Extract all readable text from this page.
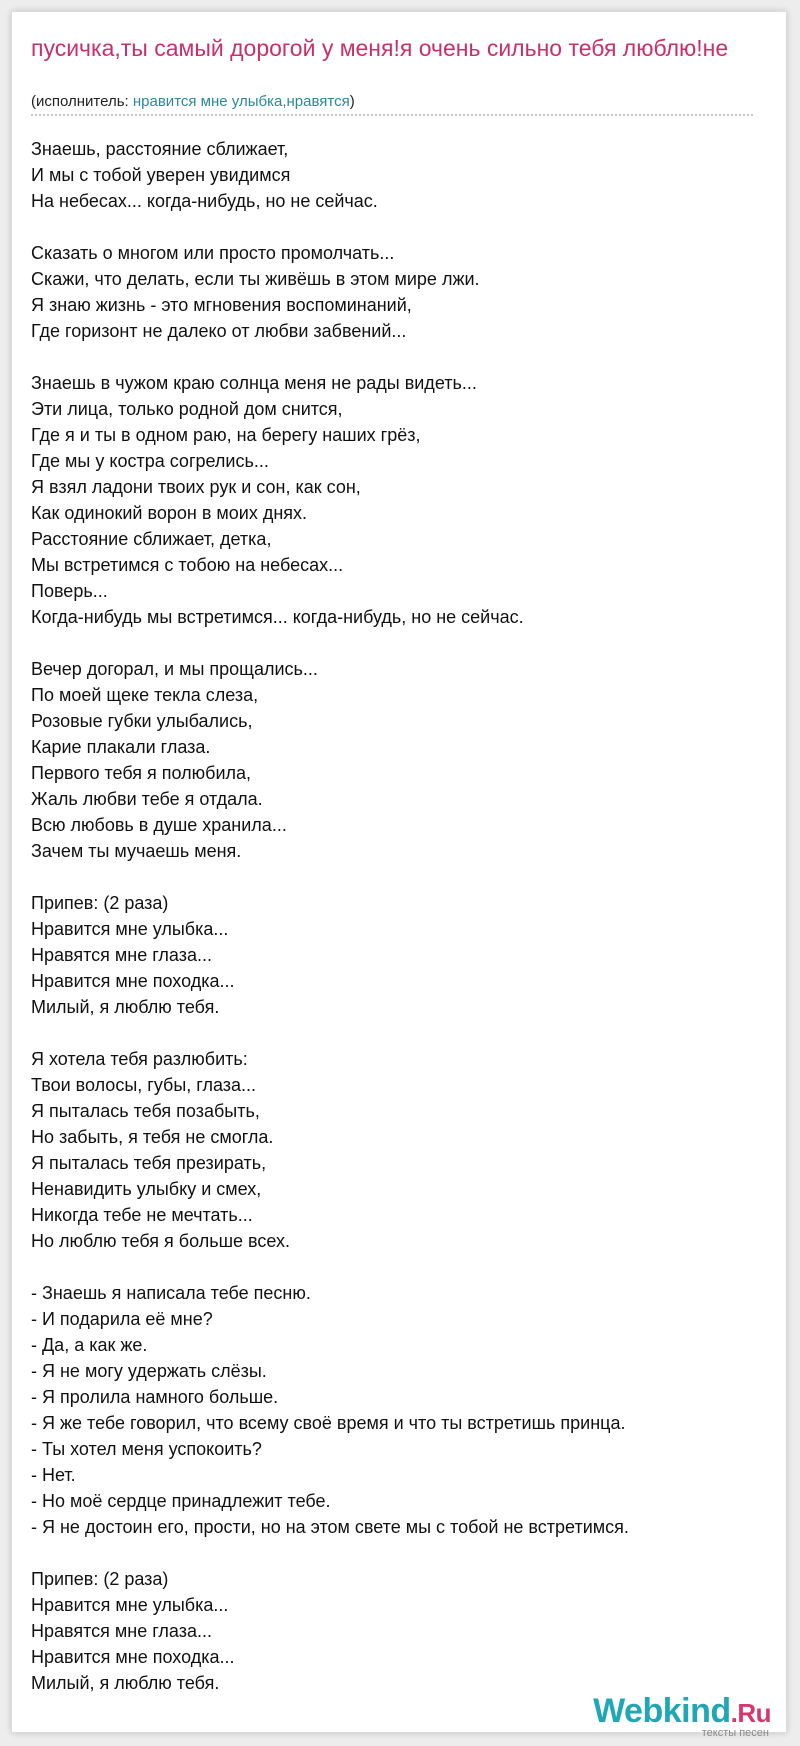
пусичка,ты самый дорогой у меня!я очень сильно тебя люблю!не
(исполнитель: нравится мне улыбка,нравятся)
Знаешь, расстояние сближает,
И мы с тобой уверен увидимся
На небесах... когда-нибудь, но не сейчас.
Сказать о многом или просто промолчать...
Скажи, что делать, если ты живёшь в этом мире лжи.
Я знаю жизнь - это мгновения воспоминаний,
Где горизонт не далеко от любви забвений...
Знаешь в чужом краю солнца меня не рады видеть...
Эти лица, только родной дом снится,
Где я и ты в одном раю, на берегу наших грёз,
Где мы у костра согрелись...
Я взял ладони твоих рук и сон, как сон,
Как одинокий ворон в моих днях.
Расстояние сближает, детка,
Мы встретимся с тобою на небесах...
Поверь...
Когда-нибудь мы встретимся... когда-нибудь, но не сейчас.
Вечер догорал, и мы прощались...
По моей щеке текла слеза,
Розовые губки улыбались,
Карие плакали глаза.
Первого тебя я полюбила,
Жаль любви тебе я отдала.
Всю любовь в душе хранила...
Зачем ты мучаешь меня.
Припев: (2 раза)
Нравится мне улыбка...
Нравятся мне глаза...
Нравится мне походка...
Милый, я люблю тебя.
Я хотела тебя разлюбить:
Твои волосы, губы, глаза...
Я пыталась тебя позабыть,
Но забыть, я тебя не смогла.
Я пыталась тебя презирать,
Ненавидить улыбку и смех,
Никогда тебе не мечтать...
Но люблю тебя я больше всех.
- Знаешь я написала тебе песню.
- И подарила её мне?
- Да, а как же.
- Я не могу удержать слёзы.
- Я пролила намного больше.
- Я же тебе говорил, что всему своё время и что ты встретишь принца.
- Ты хотел меня успокоить?
- Нет.
- Но моё сердце принадлежит тебе.
- Я не достоин его, прости, но на этом свете мы с тобой не встретимся.
Припев: (2 раза)
Нравится мне улыбка...
Нравятся мне глаза...
Нравится мне походка...
Милый, я люблю тебя.
Webkind.Ru
тексты песен
